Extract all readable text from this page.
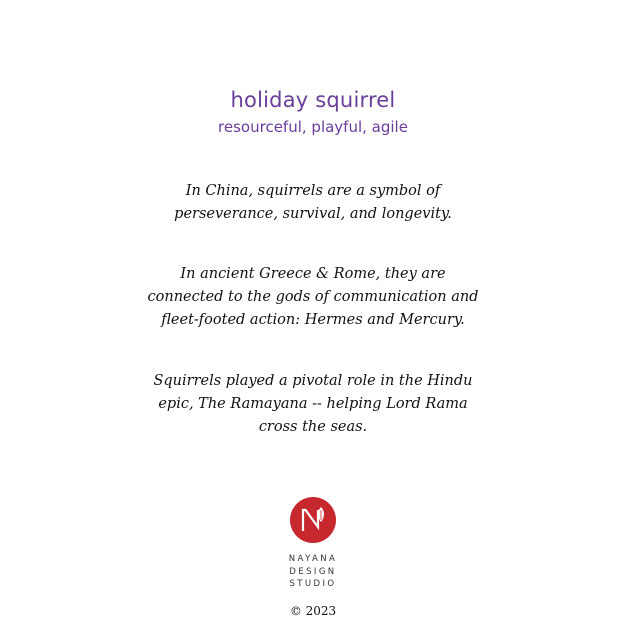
holiday squirrel
resourceful, playful, agile
In China, squirrels are a symbol of
perseverance, survival, and longevity.
In ancient Greece & Rome, they are
connected to the gods of communication and
fleet-footed action: Hermes and Mercury.
Squirrels played a pivotal role in the Hindu
epic, The Ramayana -- helping Lord Rama
cross the seas.
NAYANA
DESIGN
STUDIO
© 2023
